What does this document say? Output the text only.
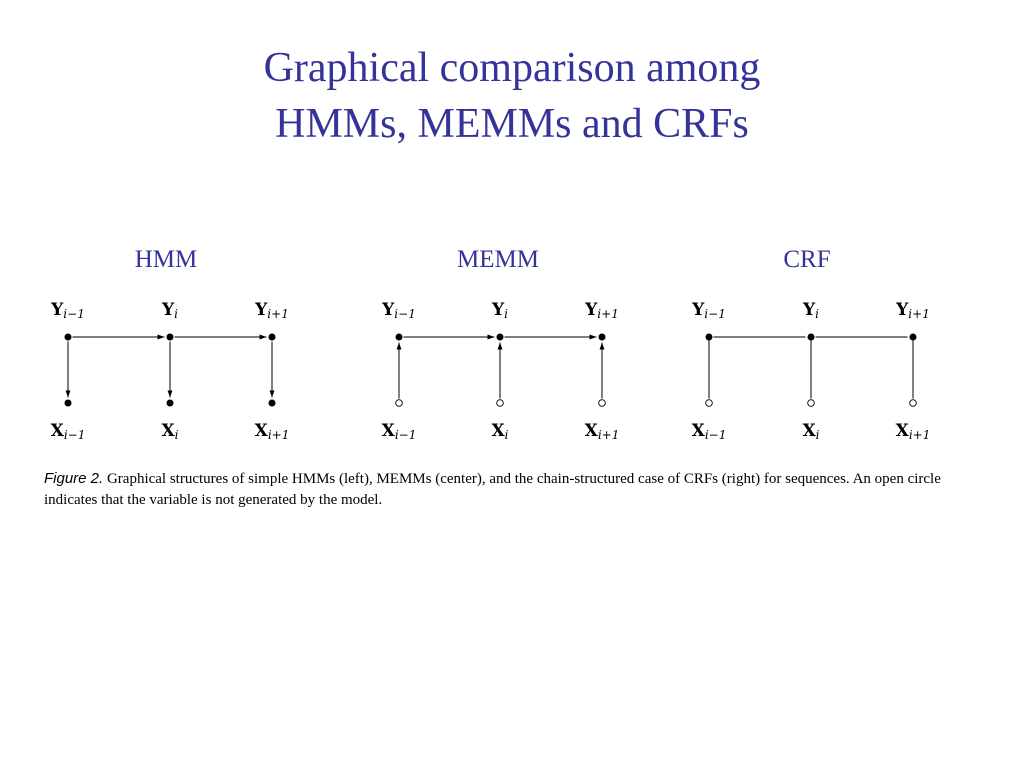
Graphical comparison among
HMMs, MEMMs and CRFs
HMM	MEMM	CRF
Yi−1
Xi−1
Yi
Xi
Yi+1
Xi+1
Yi−1
Xi−1
Yi
Xi
Yi+1
Xi+1
Yi−1
Xi−1
Yi
Xi
Yi+1
Xi+1
Figure 2. Graphical structures of simple HMMs (left), MEMMs (center), and the chain-structured case of CRFs (right) for sequences. An open circle indicates that the variable is not generated by the model.
